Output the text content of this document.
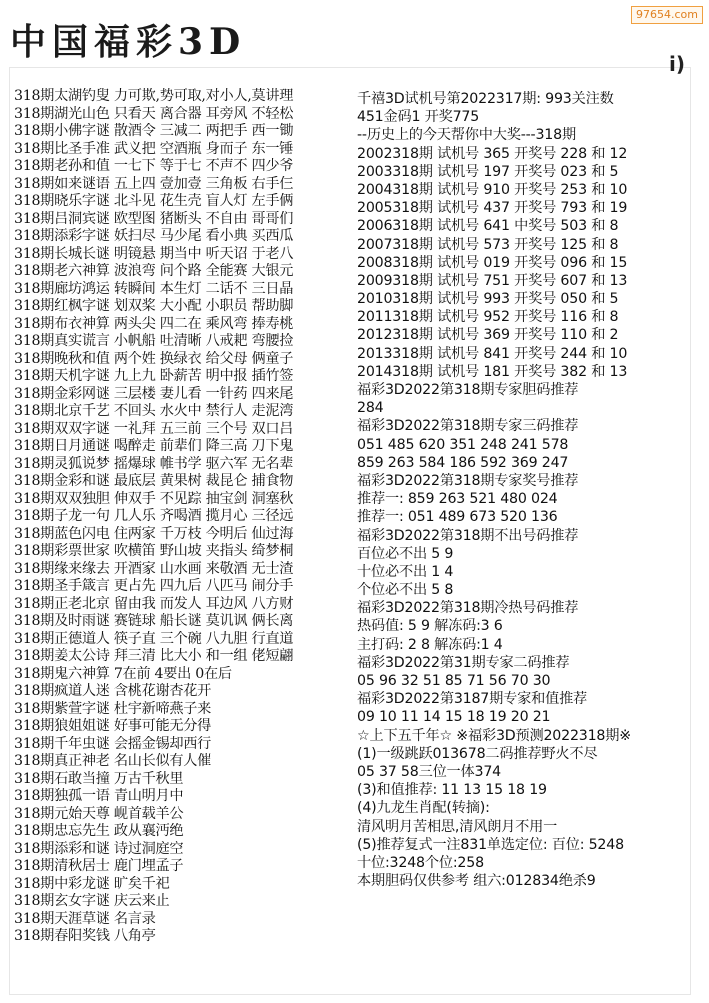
97654.com
中国福彩3D
i)
318期太湖钓叟 力可欺,势可取,对小人,莫讲理
318期湖光山色 只看天 离合器 耳旁风 不轻松
318期小佛字谜 散酒令 三减二 两把手 西一锄
318期比圣手准 武义把 空酒瓶 身而子 东一锤
318期老孙和值 一七下 等于七 不声不 四少爷
318期如来谜语 五上四 壹加壹 三角板 右手仨
318期晓乐字谜 北斗见 花生壳 盲人灯 左手俩
318期吕洞宾谜 欧型图 猪断头 不自由 哥哥们
318期添彩字谜 妖扫尽 马少尾 看小典 买西瓜
318期长城长谜 明镜悬 期当中 听天诏 于老八
318期老六神算 波浪弯 问个路 全能赛 大银元
318期廊坊鸿运 转瞬间 本生灯 二话不 三日晶
318期红枫字谜 划双桨 大小配 小职员 帮助脚
318期布衣神算 两头尖 四二在 乘风弯 捧寿桃
318期真实谎言 小帆船 吐清晰 八戒耙 弯腰捡
318期晚秋和值 两个姓 换绿衣 给父母 俩童子
318期天机字谜 九上九 卧薪苦 明中报 插竹签
318期金彩网谜 三层楼 妻儿看 一针药 四来尾
318期北京千艺 不回头 水火中 禁行人 走泥湾
318期双双字谜 一礼拜 五三前 三个号 双口吕
318期日月通谜 喝醉走 前辈们 降三高 刀下鬼
318期灵狐说梦 摇爆球 帷书学 驱六军 无名辈
318期金彩和谜 最底层 黄果树 裁昆仑 捕食物
318期双双独胆 伸双手 不见踪 抽宝剑 洞塞秋
318期子龙一句 几人乐 齐喝酒 揽月心 三径远
318期蓝色闪电 住两家 千万枝 今明后 仙过海
318期彩票世家 吹横笛 野山坡 夹指头 绮梦桐
318期缘来缘去 开酒家 山水画 来敬酒 无士渣
318期圣手箴言 更占先 四九后 八匹马 闹分手
318期正老北京 留由我 而发人 耳边风 八方财
318期及时雨谜 赛链球 船长谜 莫讥讽 俩长离
318期正德道人 筷子直 三个碗 八九胆 行直道
318期姜太公诗 拜三清 比大小 和一组 佬短翩
318期鬼六神算 7在前 4要出 0在后
318期疯道人迷 含桃花谢杏花开
318期紫萱字谜 杜宇新啼燕子来
318期狼姐姐谜 好事可能无分得
318期千年虫谜 会摇金锡却西行
318期真正神老 名山长似有人催
318期石敢当撞 万古千秋里
318期独孤一语 青山明月中
318期元始天尊 岘首载羊公
318期忠忘先生 政从襄沔绝
318期添彩和谜 诗过洞庭空
318期清秋居士 鹿门埋孟子
318期中彩龙谜 旷矣千祀
318期玄女字谜 庆云来止
318期天涯草谜 名言录
318期春阳奖钱 八角亭
千禧3D试机号第2022317期: 993关注数
451金码1 开奖775
--历史上的今天帮你中大奖---318期
2002318期 试机号 365 开奖号 228 和 12
2003318期 试机号 197 开奖号 023 和 5
2004318期 试机号 910 开奖号 253 和 10
2005318期 试机号 437 开奖号 793 和 19
2006318期 试机号 641 中奖号 503 和 8
2007318期 试机号 573 开奖号 125 和 8
2008318期 试机号 019 开奖号 096 和 15
2009318期 试机号 751 开奖号 607 和 13
2010318期 试机号 993 开奖号 050 和 5
2011318期 试机号 952 开奖号 116 和 8
2012318期 试机号 369 开奖号 110 和 2
2013318期 试机号 841 开奖号 244 和 10
2014318期 试机号 181 开奖号 382 和 13
福彩3D2022第318期专家胆码推荐
284
福彩3D2022第318期专家三码推荐
051 485 620 351 248 241 578
859 263 584 186 592 369 247
福彩3D2022第318期专家奖号推荐
推荐一: 859 263 521 480 024
推荐一: 051 489 673 520 136
福彩3D2022第318期不出号码推荐
百位必不出 5 9
十位必不出 1 4
个位必不出 5 8
福彩3D2022第318期冷热号码推荐
热码值: 5 9 解冻码:3 6
主打码: 2 8 解冻码:1 4
福彩3D2022第31期专家二码推荐
05 96 32 51 85 71 56 70 30
福彩3D2022第3187期专家和值推荐
09 10 11 14 15 18 19 20 21
☆上下五千年☆ ※福彩3D预测2022318期※
(1)一级跳跃013678二码推荐野火不尽
05 37 58三位一体374
(3)和值推荐: 11 13 15 18 19
(4)九龙生肖配(转摘):
清风明月苦相思,清风朗月不用一
(5)推荐复式一注831单选定位: 百位: 5248
十位:3248个位:258
本期胆码仅供参考 组六:012834绝杀9
